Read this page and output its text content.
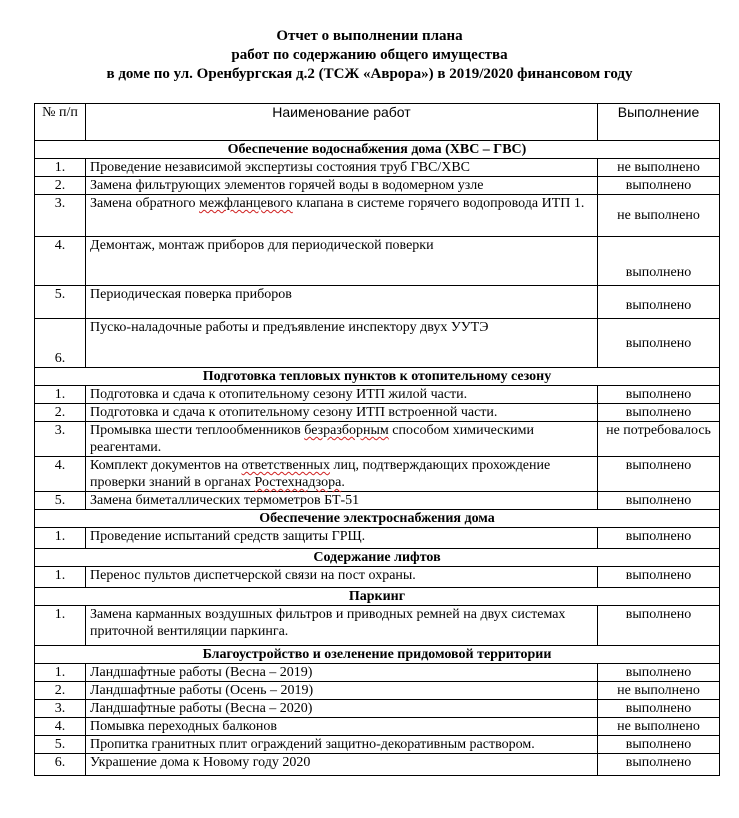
Отчет о выполнении плана
работ по содержанию общего имущества
в доме по ул. Оренбургская д.2 (ТСЖ «Аврора») в 2019/2020 финансовом году
№ п/п	Наименование работ	Выполнение
Обеспечение водоснабжения дома (ХВС – ГВС)		
1.	Проведение независимой экспертизы состояния труб ГВС/ХВС	не выполнено
2.	Замена фильтрующих элементов горячей воды в водомерном узле	выполнено
3.	Замена обратного межфланцевого клапана в системе горячего водопровода ИТП 1.	не выполнено
4.	Демонтаж, монтаж приборов для периодической поверки	выполнено
5.	Периодическая поверка приборов	выполнено
6.	Пуско-наладочные работы и предъявление инспектору двух УУТЭ	выполнено
Подготовка тепловых пунктов к отопительному сезону		
1.	Подготовка и сдача к отопительному сезону ИТП жилой части.	выполнено
2.	Подготовка и сдача к отопительному сезону ИТП встроенной части.	выполнено
3.	Промывка шести теплообменников безразборным способом химическими реагентами.	не потребовалось
4.	Комплект документов на ответственных лиц, подтверждающих прохождение проверки знаний в органах Ростехнадзора.	выполнено
5.	Замена биметаллических термометров БТ-51	выполнено
Обеспечение электроснабжения дома		
1.	Проведение испытаний средств защиты ГРЩ.	выполнено
Содержание лифтов		
1.	Перенос пультов диспетчерской связи на пост охраны.	выполнено
Паркинг		
1.	Замена карманных воздушных фильтров и приводных ремней на двух системах приточной вентиляции паркинга.	выполнено
Благоустройство и озеленение придомовой территории		
1.	Ландшафтные работы (Весна – 2019)	выполнено
2.	Ландшафтные работы (Осень – 2019)	не выполнено
3.	Ландшафтные работы (Весна – 2020)	выполнено
4.	Помывка переходных балконов	не выполнено
5.	Пропитка гранитных плит ограждений защитно-декоративным раствором.	выполнено
6.	Украшение дома к Новому году 2020	выполнено
